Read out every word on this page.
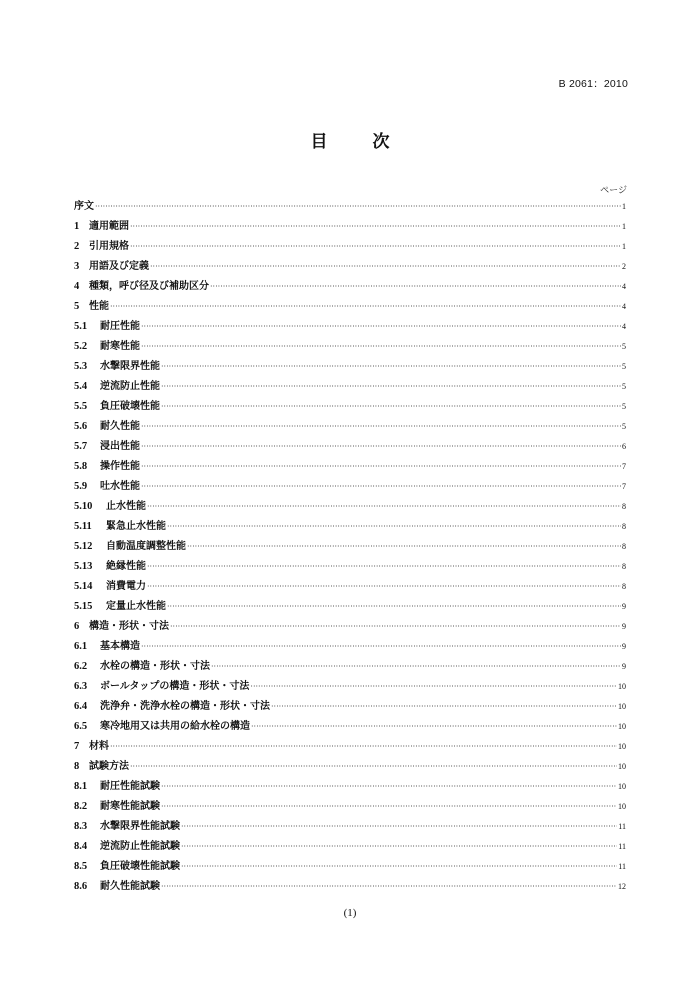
B 2061：2010
目　次
ページ
序文 ·····	1
1 適用範囲 ·····	1
2 引用規格 ·····	1
3 用語及び定義 ·····	2
4 種類，呼び径及び補助区分 ·····	4
5 性能 ·····	4
5.1	耐圧性能 ·····	4
5.2	耐寒性能 ·····	5
5.3	水撃限界性能 ·····	5
5.4	逆流防止性能 ·····	5
5.5	負圧破壊性能 ·····	5
5.6	耐久性能 ·····	5
5.7	浸出性能 ·····	6
5.8	操作性能 ·····	7
5.9	吐水性能 ·····	7
5.10	止水性能 ·····	8
5.11	緊急止水性能 ·····	8
5.12	自動温度調整性能 ·····	8
5.13	絶縁性能 ·····	8
5.14	消費電力 ·····	8
5.15	定量止水性能 ·····	9
6 構造・形状・寸法 ·····	9
6.1	基本構造 ·····	9
6.2	水栓の構造・形状・寸法 ·····	9
6.3	ボールタップの構造・形状・寸法 ·····	10
6.4	洗浄弁・洗浄水栓の構造・形状・寸法 ·····	10
6.5	寒冷地用又は共用の給水栓の構造 ·····	10
7 材料 ·····	10
8 試験方法 ·····	10
8.1	耐圧性能試験 ·····	10
8.2	耐寒性能試験 ·····	10
8.3	水撃限界性能試験 ·····	11
8.4	逆流防止性能試験 ·····	11
8.5	負圧破壊性能試験 ·····	11
8.6	耐久性能試験 ·····	12
(1)
